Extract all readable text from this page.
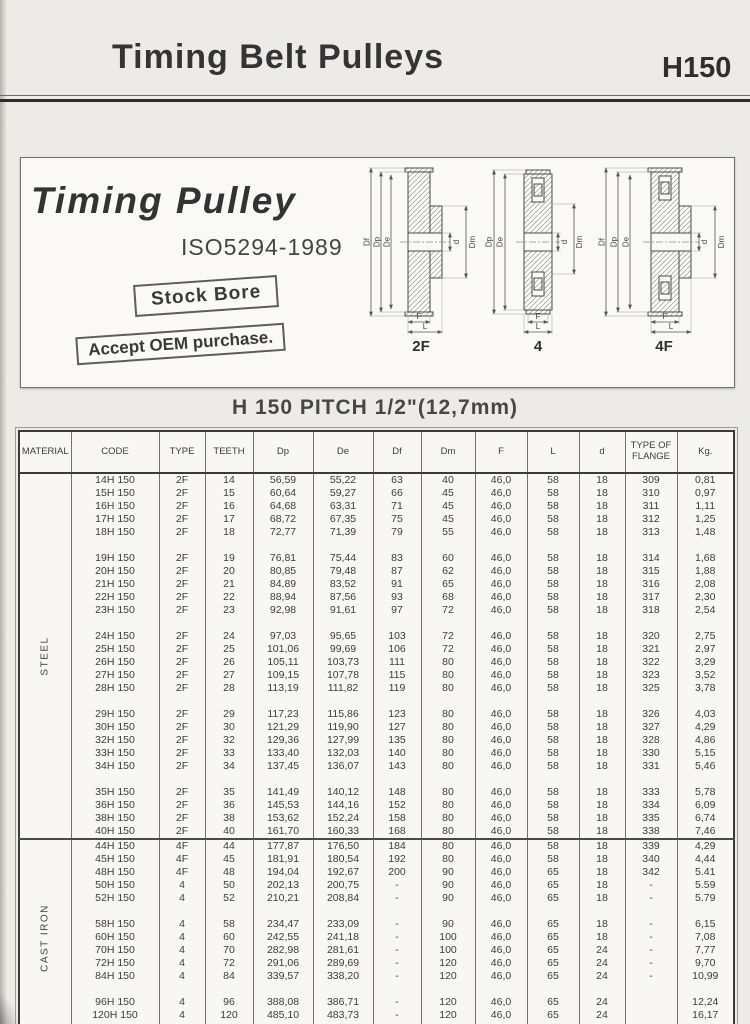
Timing Belt Pulleys	H150
Timing Pulley
ISO5294-1989
Stock Bore
Accept OEM purchase.
Df Dp De	d Dm
F
L
2F
Dp De	d Dm
F
L
4
Df Dp De	d Dm
F
L
4F
H 150 PITCH 1/2"(12,7mm)
MATERIAL	CODE	TYPE	TEETH	Dp	De	Df	Dm	F	L	d	TYPE OF FLANGE	Kg.

STEEL	14H 150	2F	14	56,59	55,22	63	40	46,0	58	18	309	0,81
	15H 150	2F	15	60,64	59,27	66	45	46,0	58	18	310	0,97
	16H 150	2F	16	64,68	63,31	71	45	46,0	58	18	311	1,11
	17H 150	2F	17	68,72	67,35	75	45	46,0	58	18	312	1,25
	18H 150	2F	18	72,77	71,39	79	55	46,0	58	18	313	1,48

	19H 150	2F	19	76,81	75,44	83	60	46,0	58	18	314	1,68
	20H 150	2F	20	80,85	79,48	87	62	46,0	58	18	315	1,88
	21H 150	2F	21	84,89	83,52	91	65	46,0	58	18	316	2,08
	22H 150	2F	22	88,94	87,56	93	68	46,0	58	18	317	2,30
	23H 150	2F	23	92,98	91,61	97	72	46,0	58	18	318	2,54

	24H 150	2F	24	97,03	95,65	103	72	46,0	58	18	320	2,75
	25H 150	2F	25	101,06	99,69	106	72	46,0	58	18	321	2,97
	26H 150	2F	26	105,11	103,73	111	80	46,0	58	18	322	3,29
	27H 150	2F	27	109,15	107,78	115	80	46,0	58	18	323	3,52
	28H 150	2F	28	113,19	111,82	119	80	46,0	58	18	325	3,78

	29H 150	2F	29	117,23	115,86	123	80	46,0	58	18	326	4,03
	30H 150	2F	30	121,29	119,90	127	80	46,0	58	18	327	4,29
	32H 150	2F	32	129,36	127,99	135	80	46,0	58	18	328	4,86
	33H 150	2F	33	133,40	132,03	140	80	46,0	58	18	330	5,15
	34H 150	2F	34	137,45	136,07	143	80	46,0	58	18	331	5,46

	35H 150	2F	35	141,49	140,12	148	80	46,0	58	18	333	5,78
	36H 150	2F	36	145,53	144,16	152	80	46,0	58	18	334	6,09
	38H 150	2F	38	153,62	152,24	158	80	46,0	58	18	335	6,74
	40H 150	2F	40	161,70	160,33	168	80	46,0	58	18	338	7,46

CAST IRON	44H 150	4F	44	177,87	176,50	184	80	46,0	58	18	339	4,29
	45H 150	4F	45	181,91	180,54	192	80	46,0	58	18	340	4,44
	48H 150	4F	48	194,04	192,67	200	90	46,0	65	18	342	5.41
	50H 150	4	50	202,13	200,75	-	90	46,0	65	18	-	5.59
	52H 150	4	52	210,21	208,84	-	90	46,0	65	18	-	5.79

	58H 150	4	58	234,47	233,09	-	90	46,0	65	18	-	6,15
	60H 150	4	60	242,55	241,18	-	100	46,0	65	18	-	7,08
	70H 150	4	70	282,98	281,61	-	100	46,0	65	24	-	7,77
	72H 150	4	72	291,06	289,69	-	120	46,0	65	24	-	9,70
	84H 150	4	84	339,57	338,20	-	120	46,0	65	24	-	10,99

	96H 150	4	96	388,08	386,71	-	120	46,0	65	24		12,24
	120H 150	4	120	485,10	483,73	-	120	46,0	65	24		16,17
